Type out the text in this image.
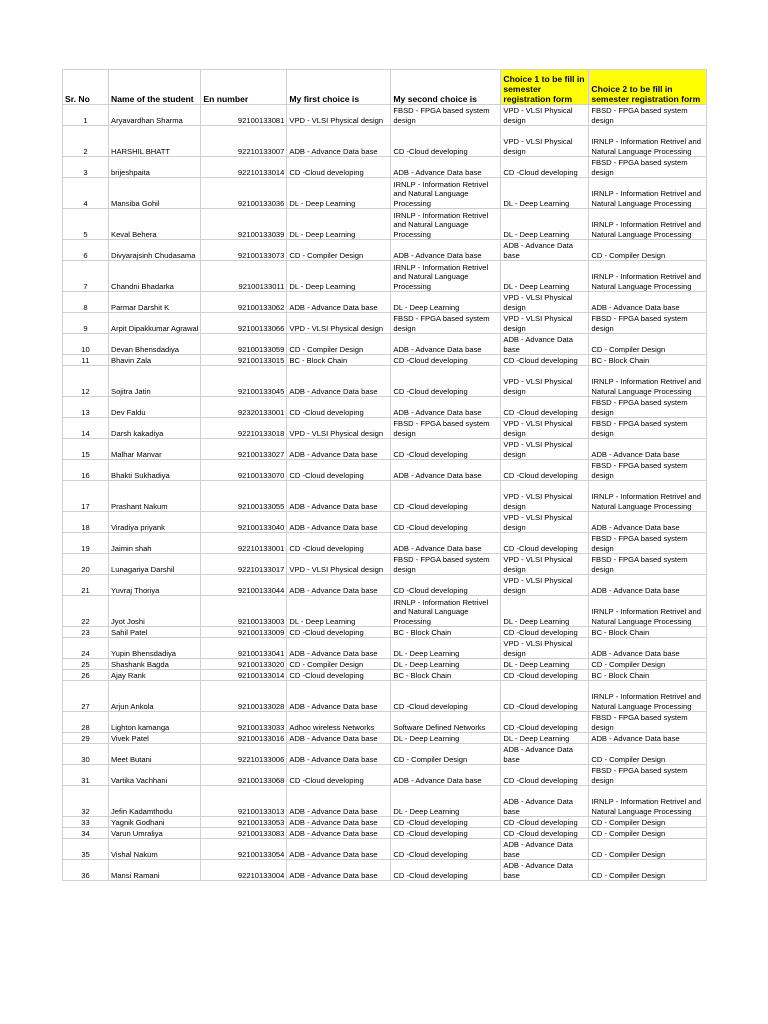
Sr. No	Name of the student	En number	My first choice is	My second choice is	Choice 1 to be fill in semester registration form	Choice 2 to be fill in semester registration form
1	Aryavardhan Sharma	92100133081	VPD - VLSI Physical design	FBSD - FPGA based system design	VPD - VLSI Physical design	FBSD - FPGA based system design
2	HARSHIL BHATT	92210133007	ADB - Advance Data base	CD -Cloud developing	VPD - VLSI Physical design	IRNLP - Information Retrivel and Natural Language Processing
3	brijeshpaita	92210133014	CD -Cloud developing	ADB - Advance Data base	CD -Cloud developing	FBSD - FPGA based system design
4	Mansiba Gohil	92100133036	DL - Deep Learning	IRNLP - Information Retrivel and Natural Language Processing	DL - Deep Learning	IRNLP - Information Retrivel and Natural Language Processing
5	Keval Behera	92100133039	DL - Deep Learning	IRNLP - Information Retrivel and Natural Language Processing	DL - Deep Learning	IRNLP - Information Retrivel and Natural Language Processing
6	Divyarajsinh Chudasama	92100133073	CD - Compiler Design	ADB - Advance Data base	ADB - Advance Data base	CD - Compiler Design
7	Chandni Bhadarka	92100133011	DL - Deep Learning	IRNLP - Information Retrivel and Natural Language Processing	DL - Deep Learning	IRNLP - Information Retrivel and Natural Language Processing
8	Parmar Darshit K	92100133062	ADB - Advance Data base	DL - Deep Learning	VPD - VLSI Physical design	ADB - Advance Data base
9	Arpit Dipakkumar Agrawal	92100133066	VPD - VLSI Physical design	FBSD - FPGA based system design	VPD - VLSI Physical design	FBSD - FPGA based system design
10	Devan Bhensdadiya	92100133059	CD - Compiler Design	ADB - Advance Data base	ADB - Advance Data base	CD - Compiler Design
11	Bhavin Zala	92100133015	BC - Block Chain	CD -Cloud developing	CD -Cloud developing	BC - Block Chain
12	Sojitra Jatin	92100133045	ADB - Advance Data base	CD -Cloud developing	VPD - VLSI Physical design	IRNLP - Information Retrivel and Natural Language Processing
13	Dev Faldu	92320133001	CD -Cloud developing	ADB - Advance Data base	CD -Cloud developing	FBSD - FPGA based system design
14	Darsh kakadiya	92210133018	VPD - VLSI Physical design	FBSD - FPGA based system design	VPD - VLSI Physical design	FBSD - FPGA based system design
15	Malhar Manvar	92100133027	ADB - Advance Data base	CD -Cloud developing	VPD - VLSI Physical design	ADB - Advance Data base
16	Bhakti Sukhadiya	92100133070	CD -Cloud developing	ADB - Advance Data base	CD -Cloud developing	FBSD - FPGA based system design
17	Prashant Nakum	92100133055	ADB - Advance Data base	CD -Cloud developing	VPD - VLSI Physical design	IRNLP - Information Retrivel and Natural Language Processing
18	Viradiya priyank	92100133040	ADB - Advance Data base	CD -Cloud developing	VPD - VLSI Physical design	ADB - Advance Data base
19	Jaimin shah	92210133001	CD -Cloud developing	ADB - Advance Data base	CD -Cloud developing	FBSD - FPGA based system design
20	Lunagariya Darshil	92210133017	VPD - VLSI Physical design	FBSD - FPGA based system design	VPD - VLSI Physical design	FBSD - FPGA based system design
21	Yuvraj Thoriya	92100133044	ADB - Advance Data base	CD -Cloud developing	VPD - VLSI Physical design	ADB - Advance Data base
22	Jyot Joshi	92100133003	DL - Deep Learning	IRNLP - Information Retrivel and Natural Language Processing	DL - Deep Learning	IRNLP - Information Retrivel and Natural Language Processing
23	Sahil Patel	92100133009	CD -Cloud developing	BC - Block Chain	CD -Cloud developing	BC - Block Chain
24	Yupin Bhensdadiya	92100133041	ADB - Advance Data base	DL - Deep Learning	VPD - VLSI Physical design	ADB - Advance Data base
25	Shashank Bagda	92100133020	CD - Compiler Design	DL - Deep Learning	DL - Deep Learning	CD - Compiler Design
26	Ajay Rank	92100133014	CD -Cloud developing	BC - Block Chain	CD -Cloud developing	BC - Block Chain
27	Arjun Ankola	92100133028	ADB - Advance Data base	CD -Cloud developing	CD -Cloud developing	IRNLP - Information Retrivel and Natural Language Processing
28	Lighton kamanga	92100133033	Adhoc wireless Networks	Software Defined Networks	CD -Cloud developing	FBSD - FPGA based system design
29	Vivek Patel	92100133016	ADB - Advance Data base	DL - Deep Learning	DL - Deep Learning	ADB - Advance Data base
30	Meet Butani	92210133006	ADB - Advance Data base	CD - Compiler Design	ADB - Advance Data base	CD - Compiler Design
31	Vartika Vachhani	92100133068	CD -Cloud developing	ADB - Advance Data base	CD -Cloud developing	FBSD - FPGA based system design
32	Jefin Kadamthodu	92100133013	ADB - Advance Data base	DL - Deep Learning	ADB - Advance Data base	IRNLP - Information Retrivel and Natural Language Processing
33	Yagnik Godhani	92100133053	ADB - Advance Data base	CD -Cloud developing	CD -Cloud developing	CD - Compiler Design
34	Varun Umraliya	92100133083	ADB - Advance Data base	CD -Cloud developing	CD -Cloud developing	CD - Compiler Design
35	Vishal Nakum	92100133054	ADB - Advance Data base	CD -Cloud developing	ADB - Advance Data base	CD - Compiler Design
36	Mansi Ramani	92210133004	ADB - Advance Data base	CD -Cloud developing	ADB - Advance Data base	CD - Compiler Design
